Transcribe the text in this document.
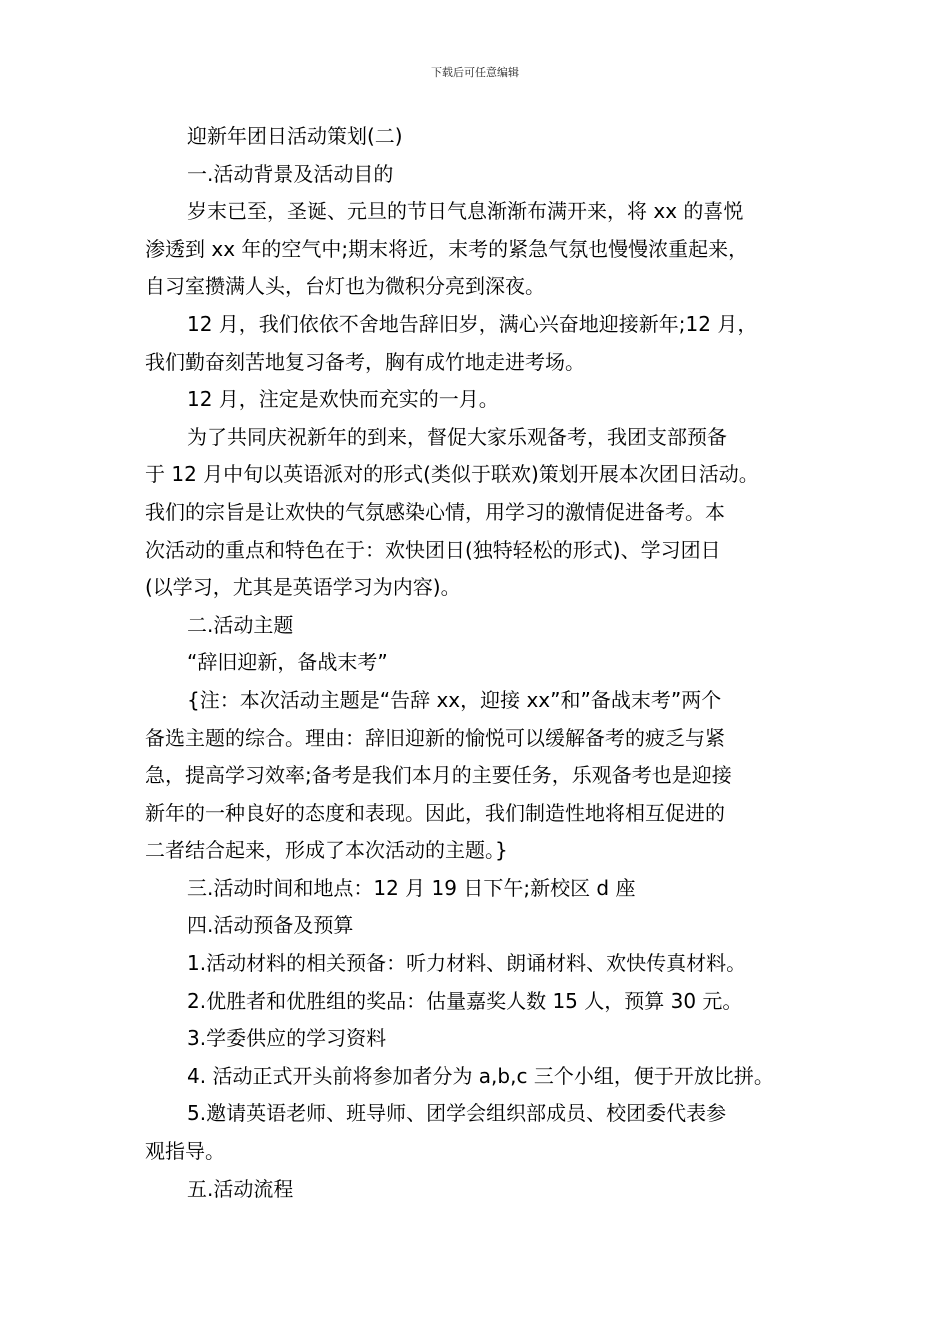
下载后可任意编辑

迎新年团日活动策划(二)

一.活动背景及活动目的

岁末已至，圣诞、元旦的节日气息渐渐布满开来，将 xx 的喜悦
渗透到 xx 年的空气中;期末将近，末考的紧急气氛也慢慢浓重起来，
自习室攒满人头，台灯也为微积分亮到深夜。

12 月，我们依依不舍地告辞旧岁，满心兴奋地迎接新年;12 月，
我们勤奋刻苦地复习备考，胸有成竹地走进考场。

12 月，注定是欢快而充实的一月。

为了共同庆祝新年的到来，督促大家乐观备考，我团支部预备
于 12 月中旬以英语派对的形式(类似于联欢)策划开展本次团日活动。
我们的宗旨是让欢快的气氛感染心情，用学习的激情促进备考。本
次活动的重点和特色在于：欢快团日(独特轻松的形式)、学习团日
(以学习，尤其是英语学习为内容)。

二.活动主题

“辞旧迎新，备战末考”

{注：本次活动主题是“告辞 xx，迎接 xx”和”备战末考”两个
备选主题的综合。理由：辞旧迎新的愉悦可以缓解备考的疲乏与紧
急，提高学习效率;备考是我们本月的主要任务，乐观备考也是迎接
新年的一种良好的态度和表现。因此，我们制造性地将相互促进的
二者结合起来，形成了本次活动的主题。}

三.活动时间和地点：12 月 19 日下午;新校区 d 座

四.活动预备及预算

1.活动材料的相关预备：听力材料、朗诵材料、欢快传真材料。

2.优胜者和优胜组的奖品：估量嘉奖人数 15 人，预算 30 元。

3.学委供应的学习资料

4. 活动正式开头前将参加者分为 a,b,c 三个小组，便于开放比拼。

5.邀请英语老师、班导师、团学会组织部成员、校团委代表参
观指导。

五.活动流程
